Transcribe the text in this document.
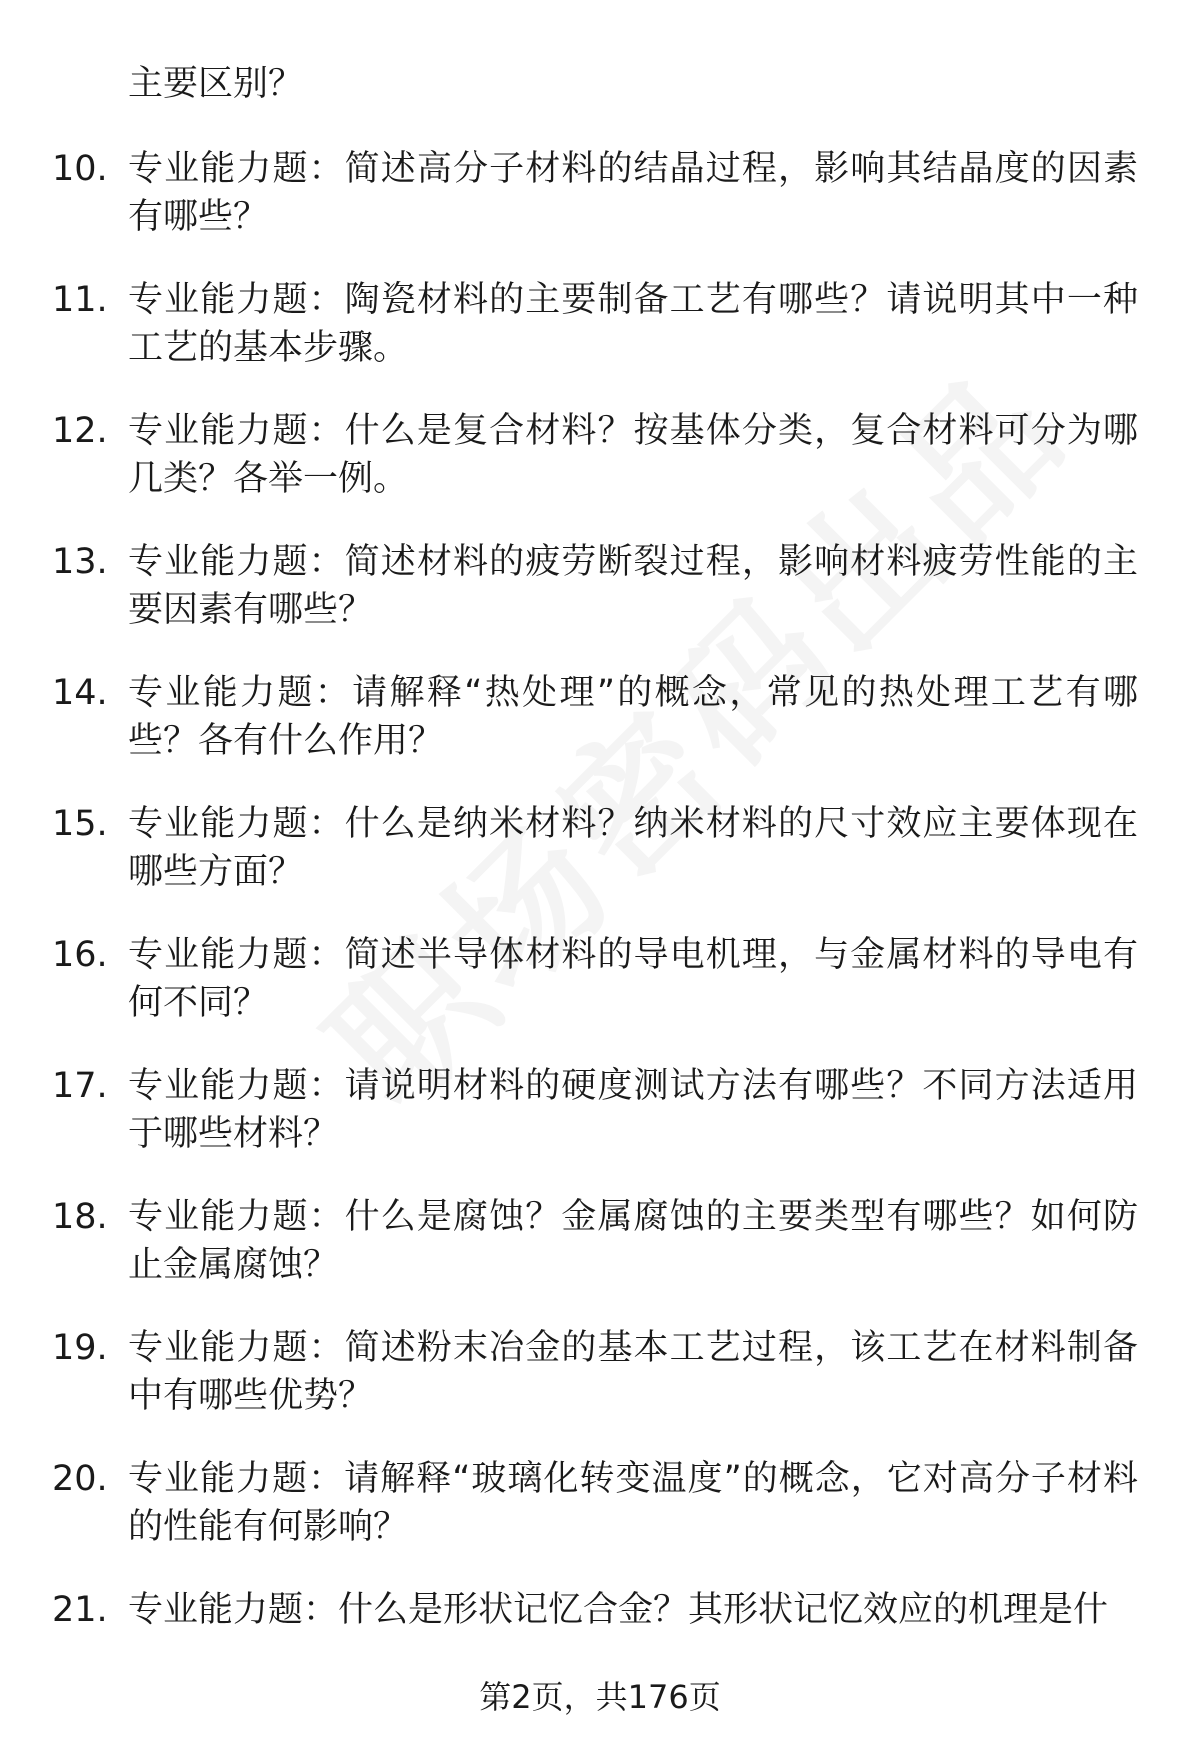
主要区别？
10. 专业能力题：简述高分子材料的结晶过程，影响其结晶度的因素有哪些？
11. 专业能力题：陶瓷材料的主要制备工艺有哪些？请说明其中一种工艺的基本步骤。
12. 专业能力题：什么是复合材料？按基体分类，复合材料可分为哪几类？各举一例。
13. 专业能力题：简述材料的疲劳断裂过程，影响材料疲劳性能的主要因素有哪些？
14. 专业能力题：请解释“热处理”的概念，常见的热处理工艺有哪些？各有什么作用？
15. 专业能力题：什么是纳米材料？纳米材料的尺寸效应主要体现在哪些方面？
16. 专业能力题：简述半导体材料的导电机理，与金属材料的导电有何不同？
17. 专业能力题：请说明材料的硬度测试方法有哪些？不同方法适用于哪些材料？
18. 专业能力题：什么是腐蚀？金属腐蚀的主要类型有哪些？如何防止金属腐蚀？
19. 专业能力题：简述粉末冶金的基本工艺过程，该工艺在材料制备中有哪些优势？
20. 专业能力题：请解释“玻璃化转变温度”的概念，它对高分子材料的性能有何影响？
21. 专业能力题：什么是形状记忆合金？其形状记忆效应的机理是什
第2页，共176页
